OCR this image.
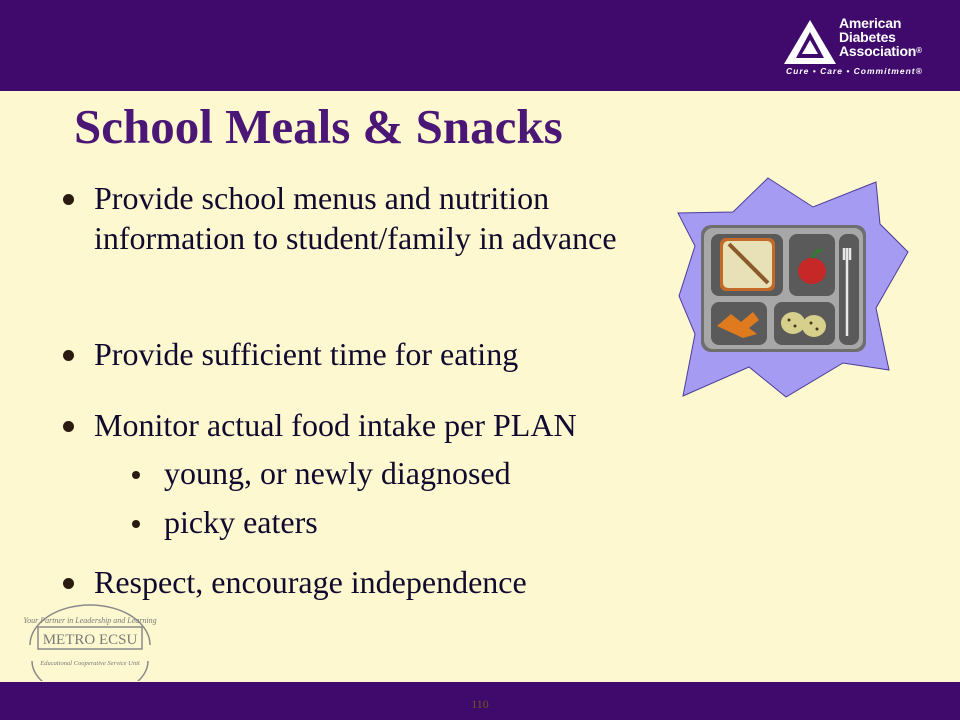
American
Diabetes
Association®
Cure • Care • Commitment®
School Meals & Snacks
Provide school menus and nutrition information to student/family in advance
Provide sufficient time for eating
Monitor actual food intake per PLAN
young, or newly diagnosed
picky eaters
Respect, encourage independence
Your Partner in Leadership and Learning
METRO ECSU
Educational Cooperative Service Unit
110
